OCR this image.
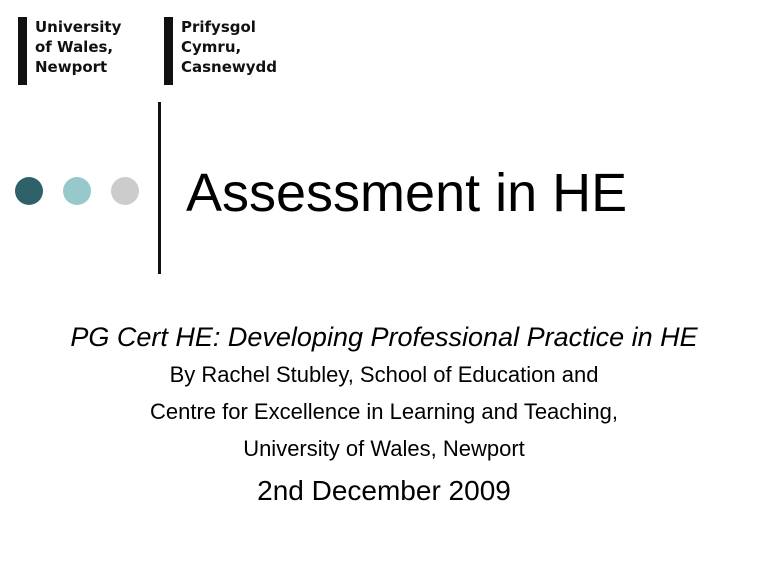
University
of Wales,
Newport
Prifysgol
Cymru,
Casnewydd
Assessment in HE
PG Cert HE: Developing Professional Practice in HE
By Rachel Stubley, School of Education and
Centre for Excellence in Learning and Teaching,
University of Wales, Newport
2nd December 2009
